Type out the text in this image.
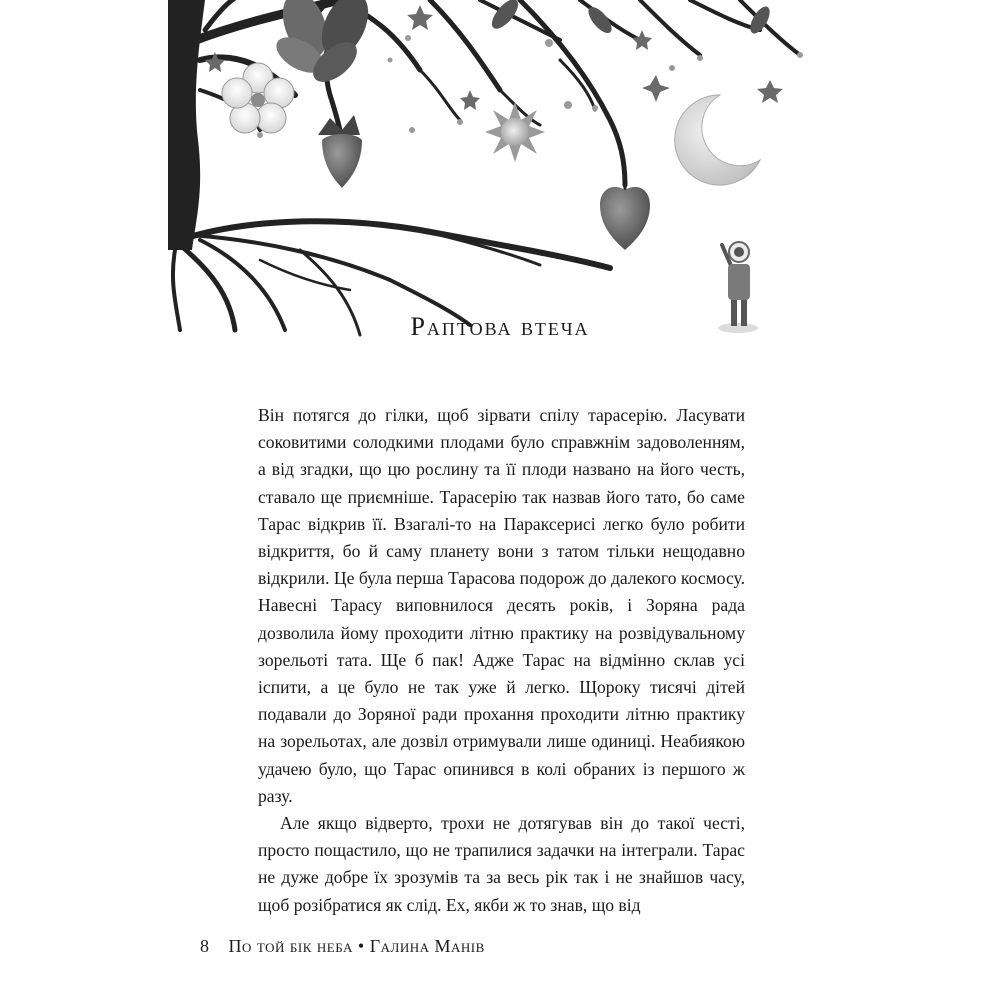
Раптова втеча

Він потягся до гілки, щоб зірвати спілу тарасерію. Ласувати соковитими солодкими плодами було справжнім задоволенням, а від згадки, що цю рослину та її плоди названо на його честь, ставало ще приємніше. Тарасерію так назвав його тато, бо саме Тарас відкрив її. Взагалі-то на Параксерисі легко було робити відкриття, бо й саму планету вони з татом тільки нещодавно відкрили. Це була перша Тарасова подорож до далекого космосу. Навесні Тарасу виповнилося десять років, і Зоряна рада дозволила йому проходити літню практику на розвідувальному зорельоті тата. Ще б пак! Адже Тарас на відмінно склав усі іспити, а це було не так уже й легко. Щороку тисячі дітей подавали до Зоряної ради прохання проходити літню практику на зорельотах, але дозвіл отримували лише одиниці. Неабиякою удачею було, що Тарас опинився в колі обраних із першого ж разу.

Але якщо відверто, трохи не дотягував він до такої честі, просто пощастило, що не трапилися задачки на інтеграли. Тарас не дуже добре їх зрозумів та за весь рік так і не знайшов часу, щоб розібратися як слід. Ех, якби ж то знав, що від

8 По той бік неба • Галина Манів
